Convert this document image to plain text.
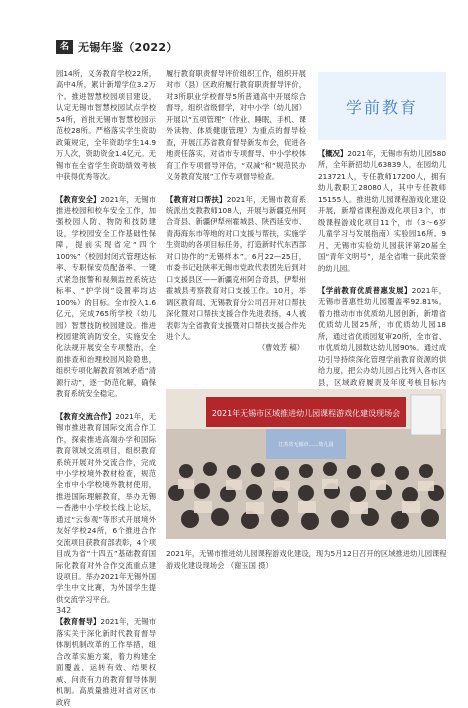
名镜
无锡年鉴（2022）

园14所，义务教育学校22所，高中4所，累计新增学位3.2万个。推进智慧校园项目建设，认定无锡市智慧校园试点学校54所，首批无锡市智慧校园示范校28所。严格落实学生资助政策规定，全年资助学生14.9万人次，资助资金1.4亿元。无锡市在全省学生资助绩效考核中获得优秀等次。

【教育安全】2021年，无锡市推进校园和校车安全工作，加强校园人防、物防和技防建设，学校园安全工作基础性保障，提前实现省定“四个100%”（校园封闭式管理达标率、专职保安员配备率、一键式紧急报警和视频监控系统达标率、“护学岗”设置率均达100%）的目标。全市投入1.6亿元，完成765所学校（幼儿园）智慧技防校园建设。推进校园建筑消防安全，实施安全化法规开展安全专项整治，全面排查和治理校园风险隐患，组织专项化解教育领域矛盾“清源行动”，逐一防范化解，确保教育系统安全稳定。

【教育交流合作】2021年，无锡市推进教育国际交流合作工作，探索推进高端办学和国际教育领域交流项目，组织教育系统开展对外交流合作，完成中小学校境外教材检查，规范全市中小学校境外教材使用，推进国际理解教育，举办无锡—香港中小学校长线上论坛，通过“云参观”等形式开展境外友好学校24所，6个推进合作交流项目获教育部表彰，4个项目成为省“十四五”基础教育国际化教育对外合作交流重点建设项目。举办2021年无锡外国学生中文比赛，为外国学生提供交流学习平台。

【教育督导】2021年，无锡市落实关于深化新时代教育督导体制机制改革的工作举措，组合改革实施方案，着力构建全面覆盖、运转有效、结果权威、问责有力的教育督导体制机制。高质量推进对省对区市政府

履行教育职责督导评价组织工作，组织开展对市（县）区政府履行教育职责督导评价，对3所职业学校督导5所普通高中开展综合督导，组织省级督学，对中小学（幼儿园）开展以“五项管理”（作业、睡眠、手机、课外读物、体质健康管理）为重点的督导检查，开展江苏省教育督导新发布会，促进各地责任落实，对省市专项督导、中小学校体育工作专项督导评估，“双减”和“规范民办义务教育发展”工作专项督导检查。

【教育对口帮扶】2021年，无锡市教育系统派出支教教师108人，开展与新疆克州阿合奇县、新疆伊犁州霍城县、陕西延安市、青海海东市等地的对口支援与帮扶，实施学生资助的各项目标任务，打造新时代东西部对口协作的“无锡样本”。6月22—25日，市委书记赴陕率无锡市党政代表团先后到对口支援县区——新疆克州阿合奇县，伊犁州霍城县考察教育对口支援工作。10月，举调区教育局、无锡教育分公司召开对口帮扶深化暨对口帮扶支援合作先进表扬，4人被表彰为全省教育支援暨对口帮扶支援合作先进个人。

（曹效芳 稿）

学前教育

【概况】2021年，无锡市有幼儿园580所，全年新招幼儿63839人，在园幼儿213721人，专任教师17200人，拥有幼儿教职工28080人，其中专任教师15155人。推进幼儿园课程游戏化建设开展，新增省课程游戏化项目3个，市级课程游戏化项目11个，市（3～6岁儿童学习与发展指南）实验园16所。9月，无锡市实验幼儿园获评第20届全国“青年文明号”，是全省唯一获此荣誉的幼儿园。

【学前教育优质普惠发展】2021年，无锡市普惠性幼儿园覆盖率92.81%。着力推动市市优质幼儿园创新，新增省优质幼儿园25所，市优质幼儿园18所，通过省优质园复审20所，全市省、市优质幼儿园数达幼儿园90%。通过成功引导持续深化管理学前教育资源的供给力度，把公办幼儿园占比列入各市区县，区域政府履责及年度考核目标内

2021年无锡市区域推进幼儿园课程游戏化建设现场会
江苏省无锡市……幼儿园
2021年，无锡市推进幼儿园课程游戏化建设，现为5月12日召开的区域推进幼儿园课程游戏化建设现场会 （谢玉国 摄）
342
